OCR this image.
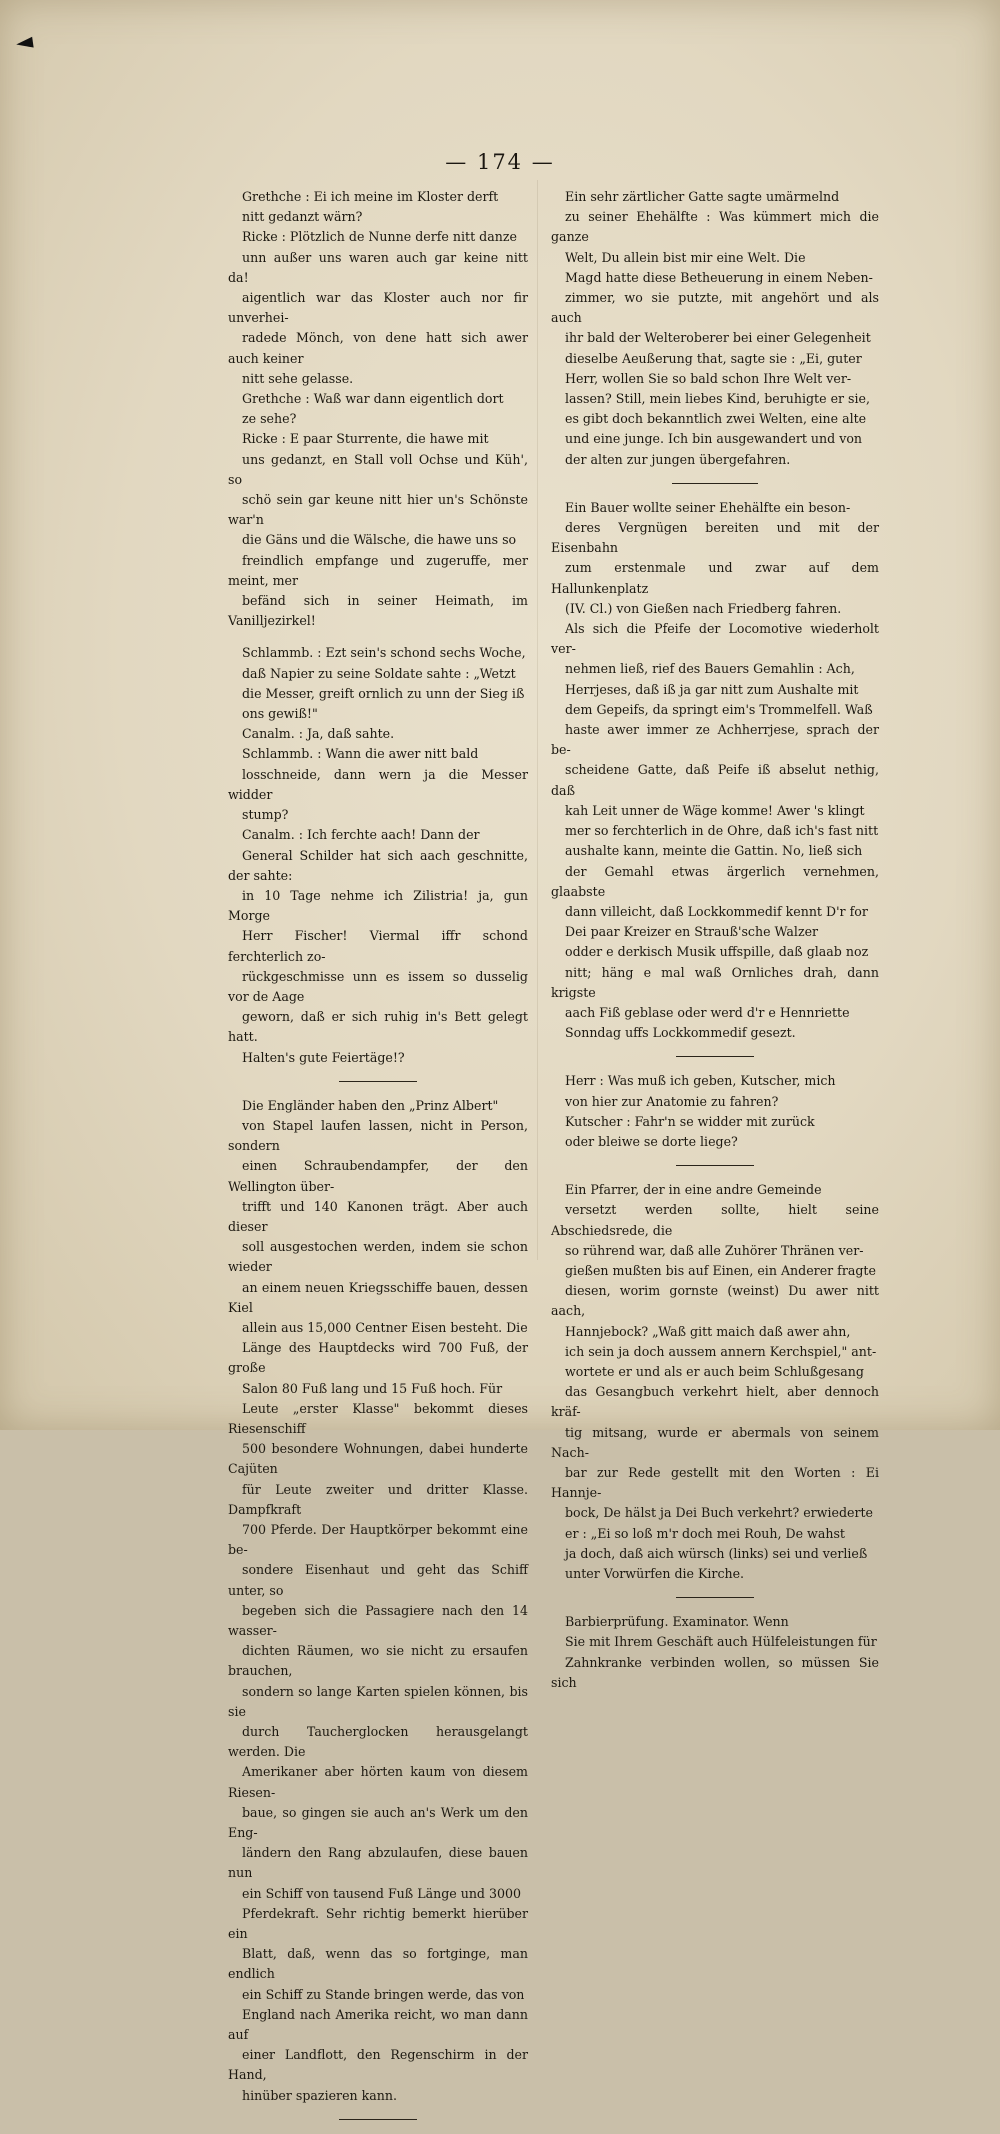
◄
— 174 —

Grethche : Ei ich meine im Kloster derft
nitt gedanzt wärn?

Ricke : Plötzlich de Nunne derfe nitt danze
unn außer uns waren auch gar keine nitt da!
aigentlich war das Kloster auch nor fir unverhei-
radede Mönch, von dene hatt sich awer auch keiner
nitt sehe gelasse.

Grethche : Waß war dann eigentlich dort
ze sehe?

Ricke : E paar Sturrente, die hawe mit
uns gedanzt, en Stall voll Ochse und Küh', so
schö sein gar keune nitt hier un's Schönste war'n
die Gäns und die Wälsche, die hawe uns so
freindlich empfange und zugeruffe, mer meint, mer
befänd sich in seiner Heimath, im Vanilljezirkel!

Schlammb. : Ezt sein's schond sechs Woche,
daß Napier zu seine Soldate sahte : „Wetzt
die Messer, greift ornlich zu unn der Sieg iß
ons gewiß!"

Canalm. : Ja, daß sahte.

Schlammb. : Wann die awer nitt bald
losschneide, dann wern ja die Messer widder
stump?

Canalm. : Ich ferchte aach! Dann der
General Schilder hat sich aach geschnitte, der sahte:
in 10 Tage nehme ich Zilistria! ja, gun Morge
Herr Fischer! Viermal iffr schond ferchterlich zo-
rückgeschmisse unn es issem so dusselig vor de Aage
geworn, daß er sich ruhig in's Bett gelegt hatt.
Halten's gute Feiertäge!?

Die Engländer haben den „Prinz Albert"
von Stapel laufen lassen, nicht in Person, sondern
einen Schraubendampfer, der den Wellington über-
trifft und 140 Kanonen trägt. Aber auch dieser
soll ausgestochen werden, indem sie schon wieder
an einem neuen Kriegsschiffe bauen, dessen Kiel
allein aus 15,000 Centner Eisen besteht. Die
Länge des Hauptdecks wird 700 Fuß, der große
Salon 80 Fuß lang und 15 Fuß hoch. Für
Leute „erster Klasse" bekommt dieses Riesenschiff
500 besondere Wohnungen, dabei hunderte Cajüten
für Leute zweiter und dritter Klasse. Dampfkraft
700 Pferde. Der Hauptkörper bekommt eine be-
sondere Eisenhaut und geht das Schiff unter, so
begeben sich die Passagiere nach den 14 wasser-
dichten Räumen, wo sie nicht zu ersaufen brauchen,
sondern so lange Karten spielen können, bis sie
durch Taucherglocken herausgelangt werden. Die
Amerikaner aber hörten kaum von diesem Riesen-
baue, so gingen sie auch an's Werk um den Eng-
ländern den Rang abzulaufen, diese bauen nun
ein Schiff von tausend Fuß Länge und 3000
Pferdekraft. Sehr richtig bemerkt hierüber ein
Blatt, daß, wenn das so fortginge, man endlich
ein Schiff zu Stande bringen werde, das von
England nach Amerika reicht, wo man dann auf
einer Landflott, den Regenschirm in der Hand,
hinüber spazieren kann.

Ein sehr zärtlicher Gatte sagte umärmelnd
zu seiner Ehehälfte : Was kümmert mich die ganze
Welt, Du allein bist mir eine Welt. Die
Magd hatte diese Betheuerung in einem Neben-
zimmer, wo sie putzte, mit angehört und als auch
ihr bald der Welteroberer bei einer Gelegenheit
dieselbe Aeußerung that, sagte sie : „Ei, guter
Herr, wollen Sie so bald schon Ihre Welt ver-
lassen? Still, mein liebes Kind, beruhigte er sie,
es gibt doch bekanntlich zwei Welten, eine alte
und eine junge. Ich bin ausgewandert und von
der alten zur jungen übergefahren.

Ein Bauer wollte seiner Ehehälfte ein beson-
deres Vergnügen bereiten und mit der Eisenbahn
zum erstenmale und zwar auf dem Hallunkenplatz
(IV. Cl.) von Gießen nach Friedberg fahren.
Als sich die Pfeife der Locomotive wiederholt ver-
nehmen ließ, rief des Bauers Gemahlin : Ach,
Herrjeses, daß iß ja gar nitt zum Aushalte mit
dem Gepeifs, da springt eim's Trommelfell. Waß
haste awer immer ze Achherrjese, sprach der be-
scheidene Gatte, daß Peife iß abselut nethig, daß
kah Leit unner de Wäge komme! Awer 's klingt
mer so ferchterlich in de Ohre, daß ich's fast nitt
aushalte kann, meinte die Gattin. No, ließ sich
der Gemahl etwas ärgerlich vernehmen, glaabste
dann villeicht, daß Lockkommedif kennt D'r for
Dei paar Kreizer en Strauß'sche Walzer
odder e derkisch Musik uffspille, daß glaab noz
nitt; häng e mal waß Ornliches drah, dann krigste
aach Fiß geblase oder werd d'r e Hennriette
Sonndag uffs Lockkommedif gesezt.

Herr : Was muß ich geben, Kutscher, mich
von hier zur Anatomie zu fahren?

Kutscher : Fahr'n se widder mit zurück
oder bleiwe se dorte liege?

Ein Pfarrer, der in eine andre Gemeinde
versetzt werden sollte, hielt seine Abschiedsrede, die
so rührend war, daß alle Zuhörer Thränen ver-
gießen mußten bis auf Einen, ein Anderer fragte
diesen, worim gornste (weinst) Du awer nitt aach,
Hannjebock? „Waß gitt maich daß awer ahn,
ich sein ja doch aussem annern Kerchspiel," ant-
wortete er und als er auch beim Schlußgesang
das Gesangbuch verkehrt hielt, aber dennoch kräf-
tig mitsang, wurde er abermals von seinem Nach-
bar zur Rede gestellt mit den Worten : Ei Hannje-
bock, De hälst ja Dei Buch verkehrt? erwiederte
er : „Ei so loß m'r doch mei Rouh, De wahst
ja doch, daß aich würsch (links) sei und verließ
unter Vorwürfen die Kirche.

Barbierprüfung. Examinator. Wenn
Sie mit Ihrem Geschäft auch Hülfeleistungen für
Zahnkranke verbinden wollen, so müssen Sie sich
